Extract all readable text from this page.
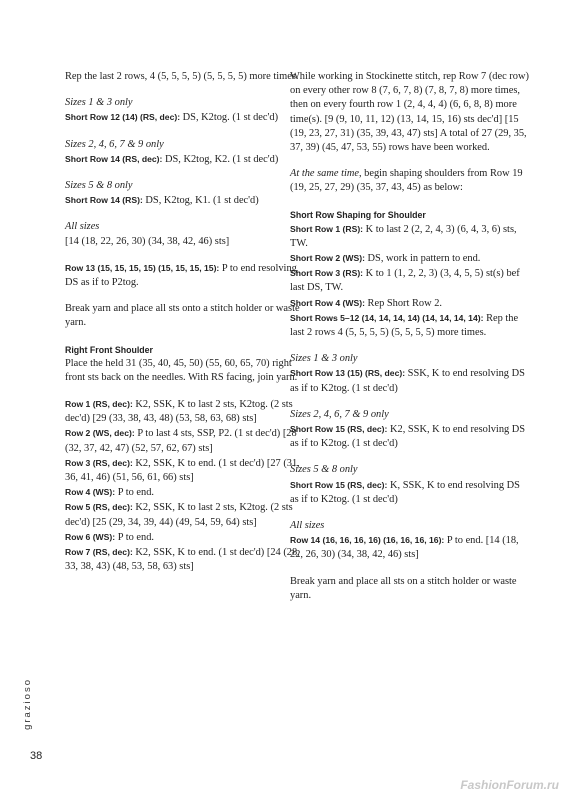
Rep the last 2 rows, 4 (5, 5, 5, 5) (5, 5, 5, 5) more times.

Sizes 1 & 3 only
Short Row 12 (14) (RS, dec): DS, K2tog. (1 st dec'd)

Sizes 2, 4, 6, 7 & 9 only
Short Row 14 (RS, dec): DS, K2tog, K2. (1 st dec'd)

Sizes 5 & 8 only
Short Row 14 (RS): DS, K2tog, K1. (1 st dec'd)

All sizes
[14 (18, 22, 26, 30) (34, 38, 42, 46) sts]

Row 13 (15, 15, 15, 15) (15, 15, 15, 15): P to end resolving DS as if to P2tog.

Break yarn and place all sts onto a stitch holder or waste yarn.

Right Front Shoulder

Place the held 31 (35, 40, 45, 50) (55, 60, 65, 70) right front sts back on the needles. With RS facing, join yarn.

Row 1 (RS, dec): K2, SSK, K to last 2 sts, K2tog. (2 sts dec'd) [29 (33, 38, 43, 48) (53, 58, 63, 68) sts]
Row 2 (WS, dec): P to last 4 sts, SSP, P2. (1 st dec'd) [28 (32, 37, 42, 47) (52, 57, 62, 67) sts]
Row 3 (RS, dec): K2, SSK, K to end. (1 st dec'd) [27 (31, 36, 41, 46) (51, 56, 61, 66) sts]
Row 4 (WS): P to end.
Row 5 (RS, dec): K2, SSK, K to last 2 sts, K2tog. (2 sts dec'd) [25 (29, 34, 39, 44) (49, 54, 59, 64) sts]
Row 6 (WS): P to end.
Row 7 (RS, dec): K2, SSK, K to end. (1 st dec'd) [24 (28, 33, 38, 43) (48, 53, 58, 63) sts]

While working in Stockinette stitch, rep Row 7 (dec row) on every other row 8 (7, 6, 7, 8) (7, 8, 7, 8) more times, then on every fourth row 1 (2, 4, 4, 4) (6, 6, 8, 8) more time(s). [9 (9, 10, 11, 12) (13, 14, 15, 16) sts dec'd] [15 (19, 23, 27, 31) (35, 39, 43, 47) sts] A total of 27 (29, 35, 37, 39) (45, 47, 53, 55) rows have been worked.

At the same time, begin shaping shoulders from Row 19 (19, 25, 27, 29) (35, 37, 43, 45) as below:

Short Row Shaping for Shoulder
Short Row 1 (RS): K to last 2 (2, 2, 4, 3) (6, 4, 3, 6) sts, TW.
Short Row 2 (WS): DS, work in pattern to end.
Short Row 3 (RS): K to 1 (1, 2, 2, 3) (3, 4, 5, 5) st(s) bef last DS, TW.
Short Row 4 (WS): Rep Short Row 2.
Short Rows 5–12 (14, 14, 14, 14) (14, 14, 14, 14): Rep the last 2 rows 4 (5, 5, 5, 5) (5, 5, 5, 5) more times.

Sizes 1 & 3 only
Short Row 13 (15) (RS, dec): SSK, K to end resolving DS as if to K2tog. (1 st dec'd)

Sizes 2, 4, 6, 7 & 9 only
Short Row 15 (RS, dec): K2, SSK, K to end resolving DS as if to K2tog. (1 st dec'd)

Sizes 5 & 8 only
Short Row 15 (RS, dec): K, SSK, K to end resolving DS as if to K2tog. (1 st dec'd)

All sizes
Row 14 (16, 16, 16, 16) (16, 16, 16, 16): P to end. [14 (18, 22, 26, 30) (34, 38, 42, 46) sts]

Break yarn and place all sts on a stitch holder or waste yarn.

grazioso
38
FashionForum.ru
